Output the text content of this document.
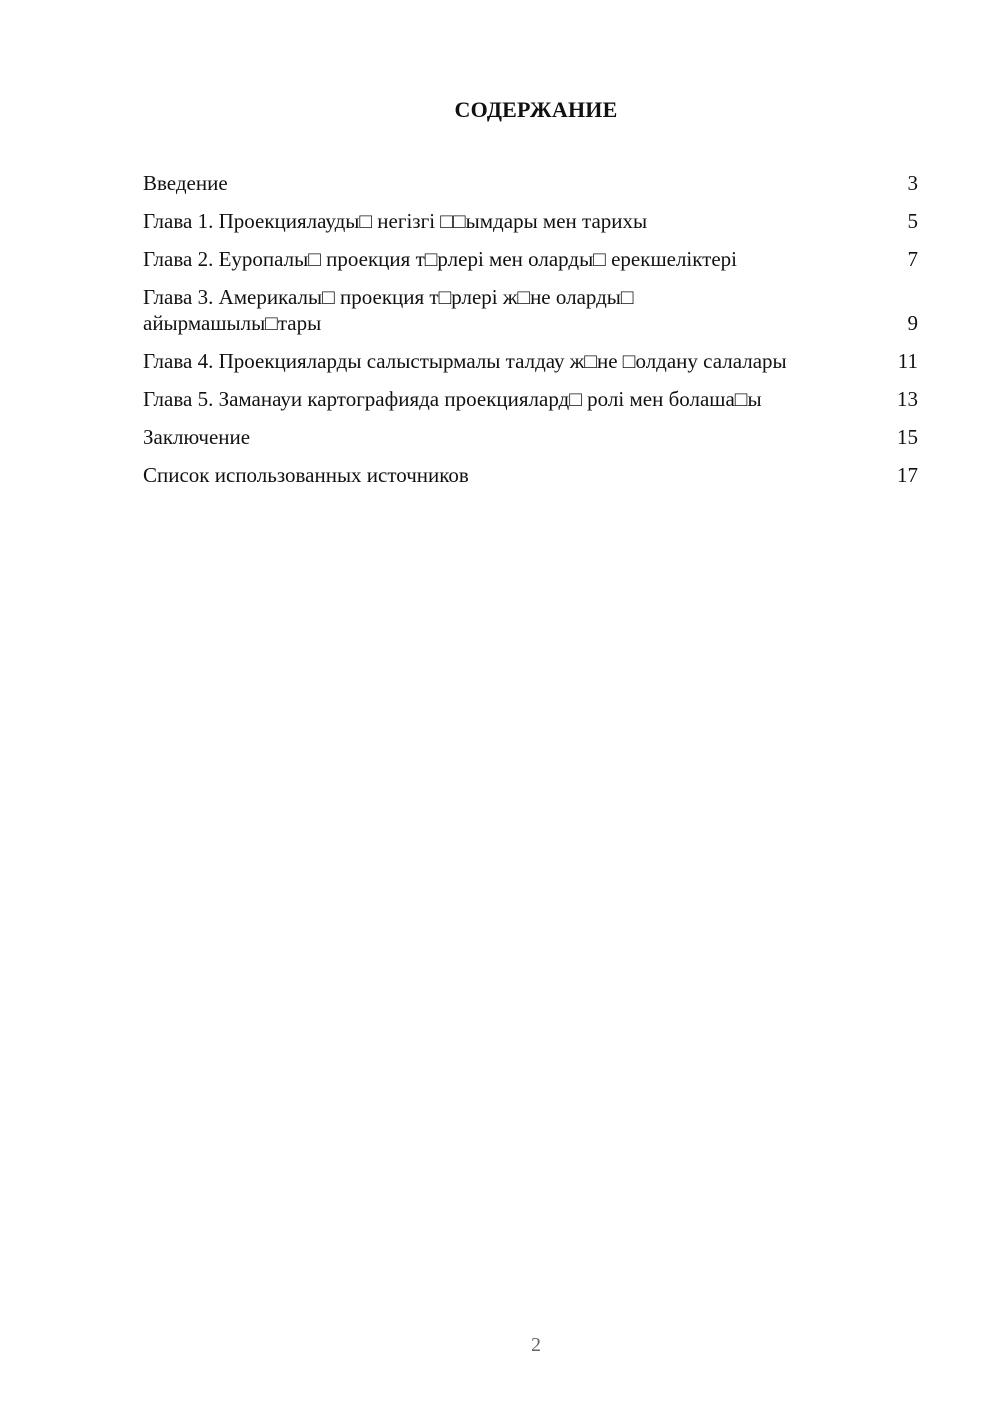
СОДЕРЖАНИЕ
Введение	3
Глава 1. Проекциялауды□ негізгі □□ымдары мен тарихы	5
Глава 2. Еуропалы□ проекция т□рлері мен оларды□ ерекшеліктері	7
Глава 3. Америкалы□ проекция т□рлері ж□не оларды□ айырмашылы□тары	9
Глава 4. Проекцияларды салыстырмалы талдау ж□не □олдану салалары	11
Глава 5. Заманауи картографияда проекциялард□ ролі мен болаша□ы	13
Заключение	15
Список использованных источников	17
2
